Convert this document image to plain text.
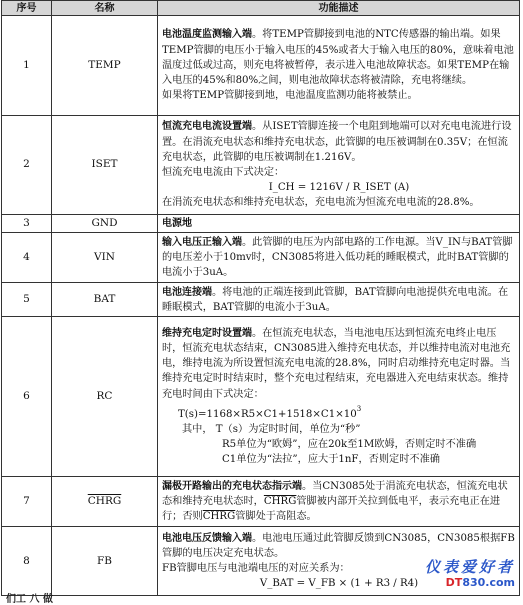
序号	名称	功能描述
1	TEMP	电池温度监测输入端。将TEMP管脚接到电池的NTC传感器的输出端。如果TEMP管脚的电压小于输入电压的45%或者大于输入电压的80%，意味着电池温度过低或过高，则充电将被暂停，表示进入电池故障状态。如果TEMP在输入电压的45%和80%之间，则电池故障状态将被清除，充电将继续。
如果将TEMP管脚接到地，电池温度监测功能将被禁止。
2	ISET	恒流充电电流设置端。从ISET管脚连接一个电阻到地端可以对充电电流进行设置。在涓流充电状态和维持充电状态，此管脚的电压被调制在0.35V；在恒流充电状态，此管脚的电压被调制在1.216V。
恒流充电电流由下式决定：

I_CH = 1216V / R_ISET (A)
在涓流充电状态和维持充电状态，充电电流为恒流充电电流的28.8%。
3	GND	电源地
4	VIN	输入电压正输入端。此管脚的电压为内部电路的工作电源。当V_IN与BAT管脚的电压差小于10mv时，CN3085将进入低功耗的睡眠模式，此时BAT管脚的电流小于3uA。
5	BAT	电池连接端。将电池的正端连接到此管脚，BAT管脚向电池提供充电电流。在睡眠模式，BAT管脚的电流小于3uA。
6	RC	维持充电定时设置端。在恒流充电状态，当电池电压达到恒流充电终止电压时，恒流充电状态结束，CN3085进入维持充电状态，并以维持电流对电池充电，维持电流为所设置恒流充电电流的28.8%，同时启动维持充电定时器。当维持充电定时时结束时，整个充电过程结束，充电器进入充电结束状态。维持充电时间由下式决定：
$T(s)=1168\times R5\times C1+1518\times C1\times 10^3$
其中， T（s）为定时时间，单位为“秒”
R5单位为“欧姆”，应在20k至1M欧姆，否则定时不准确
C1单位为“法拉”，应大于1nF，否则定时不准确

7	CHRG	漏极开路输出的充电状态指示端。当CN3085处于涓流充电状态，恒流充电状态和维持充电状态时，CHRG管脚被内部开关拉到低电平，表示充电正在进行；否则CHRG管脚处于高阻态。
8	FB	电池电压反馈输入端。电池电压通过此管脚反馈到CN3085，CN3085根据FB管脚的电压决定充电状态。
FB管脚电压与电池端电压的对应关系为：

V_BAT = V_FB × (1 + R3 / R4)
仪表爱好者
DT830.com
们工 八 做
